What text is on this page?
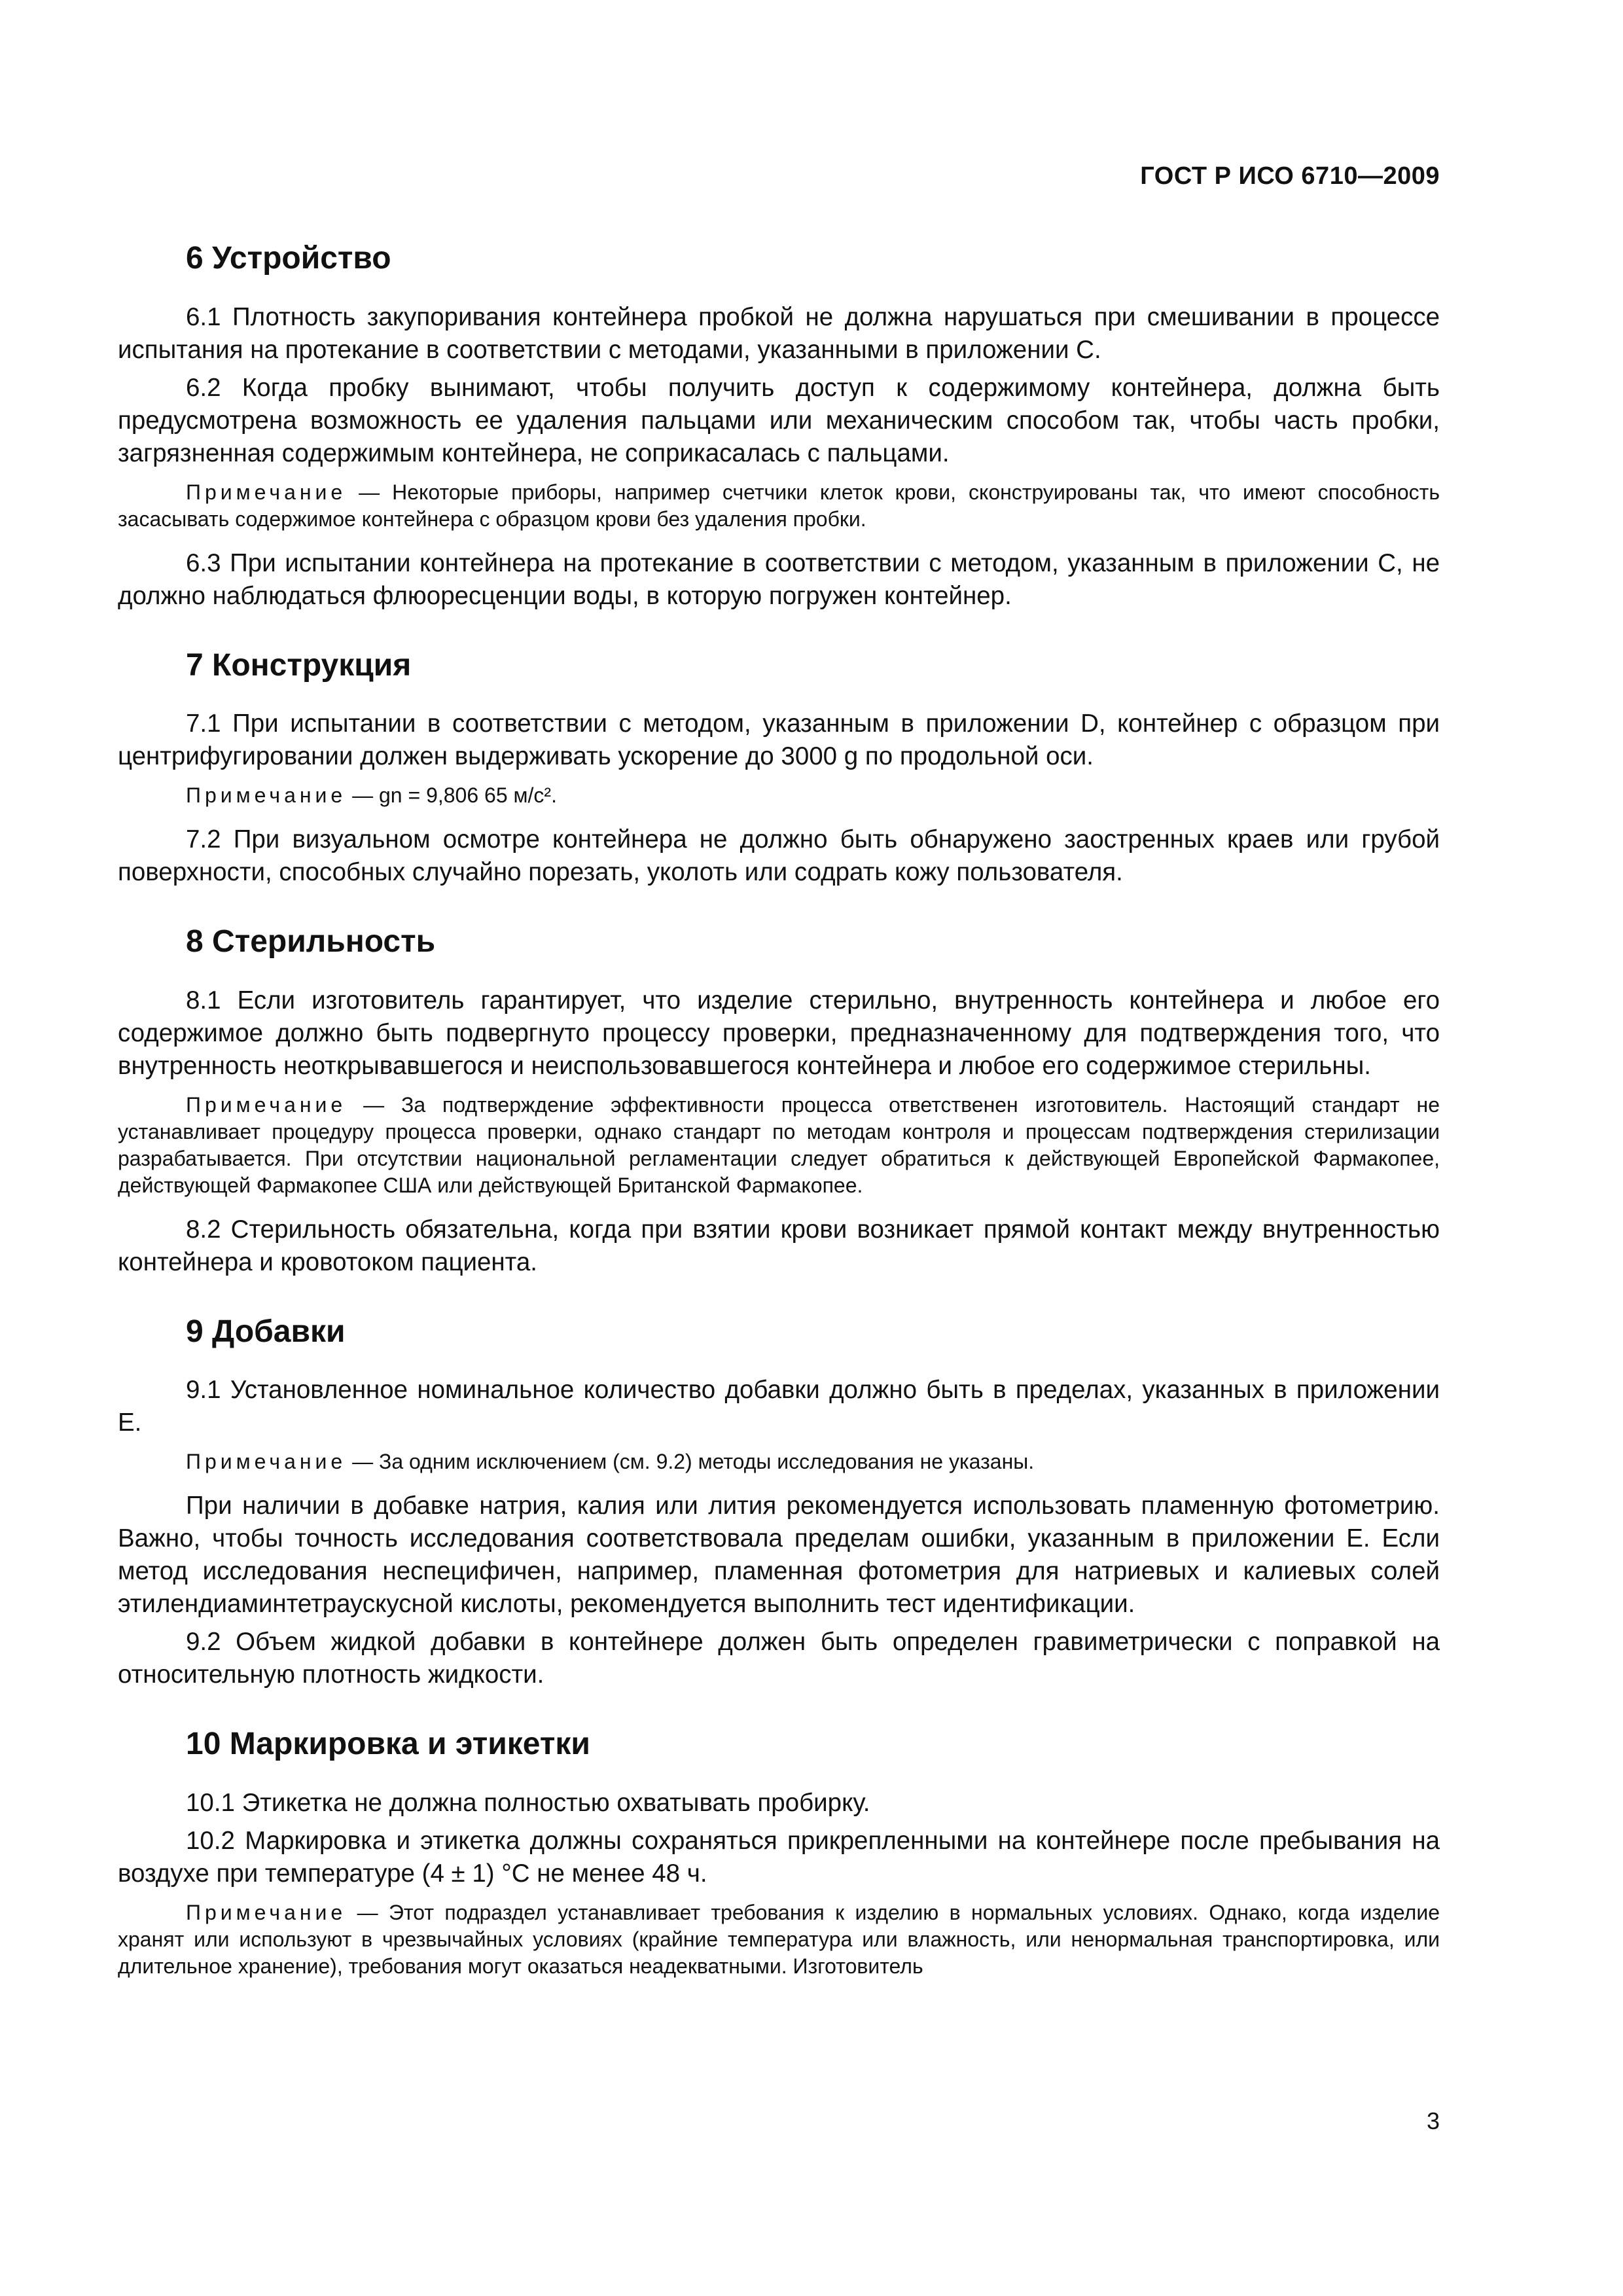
ГОСТ Р ИСО 6710—2009
6 Устройство

6.1 Плотность закупоривания контейнера пробкой не должна нарушаться при смешивании в процессе испытания на протекание в соответствии с методами, указанными в приложении С.

6.2 Когда пробку вынимают, чтобы получить доступ к содержимому контейнера, должна быть предусмотрена возможность ее удаления пальцами или механическим способом так, чтобы часть пробки, загрязненная содержимым контейнера, не соприкасалась с пальцами.

Примечание — Некоторые приборы, например счетчики клеток крови, сконструированы так, что имеют способность засасывать содержимое контейнера с образцом крови без удаления пробки.

6.3 При испытании контейнера на протекание в соответствии с методом, указанным в приложении С, не должно наблюдаться флюоресценции воды, в которую погружен контейнер.

7 Конструкция

7.1 При испытании в соответствии с методом, указанным в приложении D, контейнер с образцом при центрифугировании должен выдерживать ускорение до 3000 g по продольной оси.

Примечание — gn = 9,806 65 м/с².

7.2 При визуальном осмотре контейнера не должно быть обнаружено заостренных краев или грубой поверхности, способных случайно порезать, уколоть или содрать кожу пользователя.

8 Стерильность

8.1 Если изготовитель гарантирует, что изделие стерильно, внутренность контейнера и любое его содержимое должно быть подвергнуто процессу проверки, предназначенному для подтверждения того, что внутренность неоткрывавшегося и неиспользовавшегося контейнера и любое его содержимое стерильны.

Примечание — За подтверждение эффективности процесса ответственен изготовитель. Настоящий стандарт не устанавливает процедуру процесса проверки, однако стандарт по методам контроля и процессам подтверждения стерилизации разрабатывается. При отсутствии национальной регламентации следует обратиться к действующей Европейской Фармакопее, действующей Фармакопее США или действующей Британской Фармакопее.

8.2 Стерильность обязательна, когда при взятии крови возникает прямой контакт между внутренностью контейнера и кровотоком пациента.

9 Добавки

9.1 Установленное номинальное количество добавки должно быть в пределах, указанных в приложении Е.

Примечание — За одним исключением (см. 9.2) методы исследования не указаны.

При наличии в добавке натрия, калия или лития рекомендуется использовать пламенную фотометрию. Важно, чтобы точность исследования соответствовала пределам ошибки, указанным в приложении Е. Если метод исследования неспецифичен, например, пламенная фотометрия для натриевых и калиевых солей этилендиаминтетраускусной кислоты, рекомендуется выполнить тест идентификации.

9.2 Объем жидкой добавки в контейнере должен быть определен гравиметрически с поправкой на относительную плотность жидкости.

10 Маркировка и этикетки

10.1 Этикетка не должна полностью охватывать пробирку.

10.2 Маркировка и этикетка должны сохраняться прикрепленными на контейнере после пребывания на воздухе при температуре (4 ± 1) °С не менее 48 ч.

Примечание — Этот подраздел устанавливает требования к изделию в нормальных условиях. Однако, когда изделие хранят или используют в чрезвычайных условиях (крайние температура или влажность, или ненормальная транспортировка, или длительное хранение), требования могут оказаться неадекватными. Изготовитель

3
